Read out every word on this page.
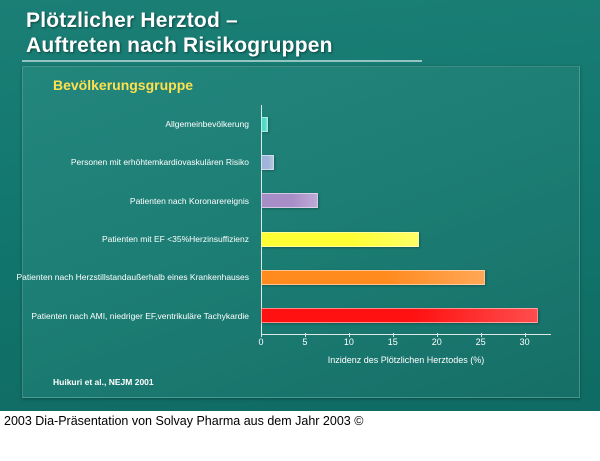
Plötzlicher Herztod –
Auftreten nach Risikogruppen
Bevölkerungsgruppe
Allgemeinbevölkerung
Personen mit erhöhtem kardiovaskulären Risiko
Patienten nach Koronarereignis
Patienten mit EF <35% Herzinsuffizienz
Patienten nach Herzstillstand außerhalb eines Krankenhauses
Patienten nach AMI, niedriger EF, ventrikuläre Tachykardie
0	5	10	15	20	25	30
Inzidenz des Plötzlichen Herztodes (%)
Huikuri et al., NEJM 2001
2003 Dia-Präsentation von Solvay Pharma aus dem Jahr 2003 ©
